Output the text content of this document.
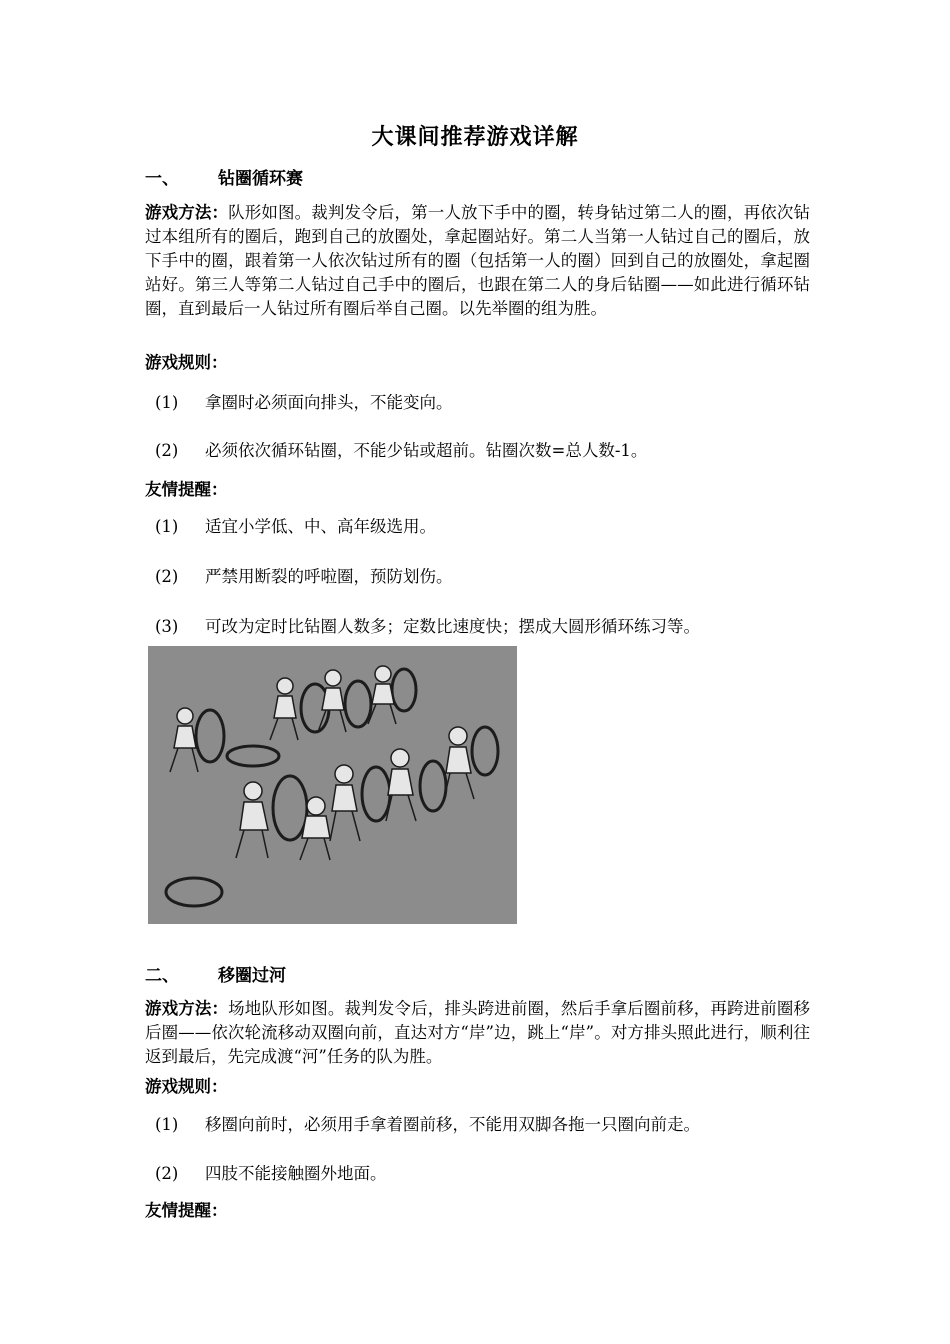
大课间推荐游戏详解
一、 钻圈循环赛
游戏方法：队形如图。裁判发令后，第一人放下手中的圈，转身钻过第二人的圈，再依次钻过本组所有的圈后，跑到自己的放圈处，拿起圈站好。第二人当第一人钻过自己的圈后，放下手中的圈，跟着第一人依次钻过所有的圈（包括第一人的圈）回到自己的放圈处，拿起圈站好。第三人等第二人钻过自己手中的圈后，也跟在第二人的身后钻圈——如此进行循环钻圈，直到最后一人钻过所有圈后举自己圈。以先举圈的组为胜。
游戏规则：
(1) 拿圈时必须面向排头，不能变向。
(2) 必须依次循环钻圈，不能少钻或超前。钻圈次数=总人数-1。
友情提醒：
(1) 适宜小学低、中、高年级选用。
(2) 严禁用断裂的呼啦圈，预防划伤。
(3) 可改为定时比钻圈人数多；定数比速度快；摆成大圆形循环练习等。
二、 移圈过河
游戏方法：场地队形如图。裁判发令后，排头跨进前圈，然后手拿后圈前移，再跨进前圈移后圈——依次轮流移动双圈向前，直达对方“岸”边，跳上“岸”。对方排头照此进行，顺利往返到最后，先完成渡“河”任务的队为胜。
游戏规则：
(1) 移圈向前时，必须用手拿着圈前移，不能用双脚各拖一只圈向前走。
(2) 四肢不能接触圈外地面。
友情提醒：
